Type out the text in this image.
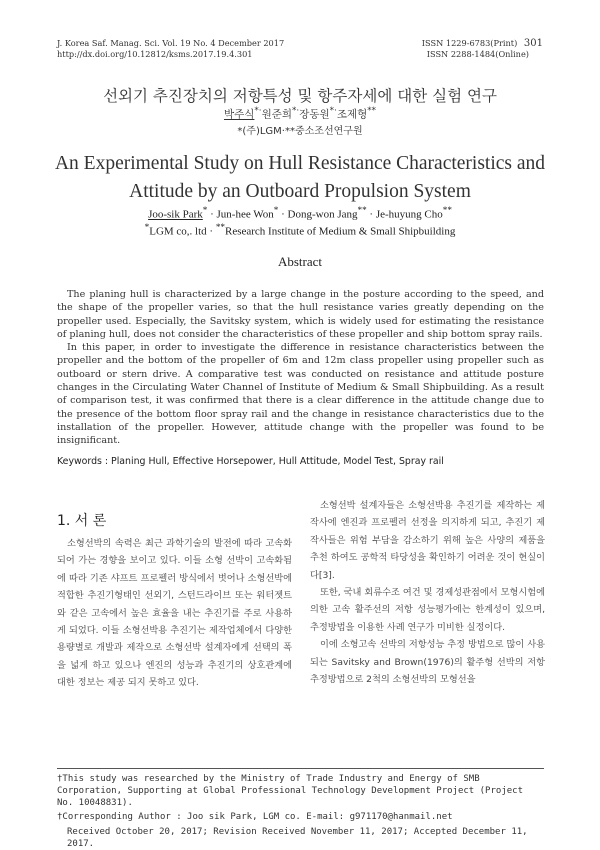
J. Korea Saf. Manag. Sci. Vol. 19 No. 4 December 2017
http://dx.doi.org/10.12812/ksms.2017.19.4.301
ISSN 1229-6783(Print) 301
ISSN 2288-1484(Online)
선외기 추진장치의 저항특성 및 항주자세에 대한 실험 연구
박주식*·원준희*·장동원*·조제형**
*(주)LGM·**중소조선연구원
An Experimental Study on Hull Resistance Characteristics and
Attitude by an Outboard Propulsion System
Joo-sik Park* · Jun-hee Won* · Dong-won Jang** · Je-huyung Cho**
*LGM co,. ltd · **Research Institute of Medium & Small Shipbuilding
Abstract

The planing hull is characterized by a large change in the posture according to the speed, and the shape of the propeller varies, so that the hull resistance varies greatly depending on the propeller used. Especially, the Savitsky system, which is widely used for estimating the resistance of planing hull, does not consider the characteristics of these propeller and ship bottom spray rails.

In this paper, in order to investigate the difference in resistance characteristics between the propeller and the bottom of the propeller of 6m and 12m class propeller using propeller such as outboard or stern drive. A comparative test was conducted on resistance and attitude posture changes in the Circulating Water Channel of Institute of Medium & Small Shipbuilding. As a result of comparison test, it was confirmed that there is a clear difference in the attitude change due to the presence of the bottom floor spray rail and the change in resistance characteristics due to the installation of the propeller. However, attitude change with the propeller was found to be insignificant.

Keywords : Planing Hull, Effective Horsepower, Hull Attitude, Model Test, Spray rail
1. 서 론

소형선박의 속력은 최근 과학기술의 발전에 따라 고속화 되어 가는 경향을 보이고 있다. 이들 소형 선박이 고속화됨에 따라 기존 샤프트 프로펠러 방식에서 벗어나 소형선박에 적합한 추진기형태인 선외기, 스턴드라이브 또는 워터젯트와 같은 고속에서 높은 효율을 내는 추진기를 주로 사용하게 되었다. 이들 소형선박용 추진기는 제작업체에서 다양한 용량별로 개발과 제작으로 소형선박 설계자에게 선택의 폭을 넓게 하고 있으나 엔진의 성능과 추진기의 상호관계에 대한 정보는 제공 되지 못하고 있다.

소형선박 설계자들은 소형선박용 추진기를 제작하는 제작사에 엔진과 프로펠러 선정을 의지하게 되고, 추진기 제작사들은 위험 부담을 감소하기 위해 높은 사양의 제품을 추천 하여도 공학적 타당성을 확인하기 어려운 것이 현실이다[3].

또한, 국내 회류수조 여건 및 경제성관점에서 모형시험에 의한 고속 활주선의 저항 성능평가에는 한계성이 있으며, 추정방법을 이용한 사례 연구가 미비한 실정이다.

이에 소형고속 선박의 저항성능 추정 방법으로 많이 사용되는 Savitsky and Brown(1976)의 활주형 선박의 저항추정방법으로 2척의 소형선박의 모형선을

†This study was researched by the Ministry of Trade Industry and Energy of SMB Corporation, Supporting at Global Professional Technology Development Project (Project No. 10048831).
†Corresponding Author : Joo sik Park, LGM co. E-mail: g971170@hanmail.net
Received October 20, 2017; Revision Received November 11, 2017; Accepted December 11, 2017.
